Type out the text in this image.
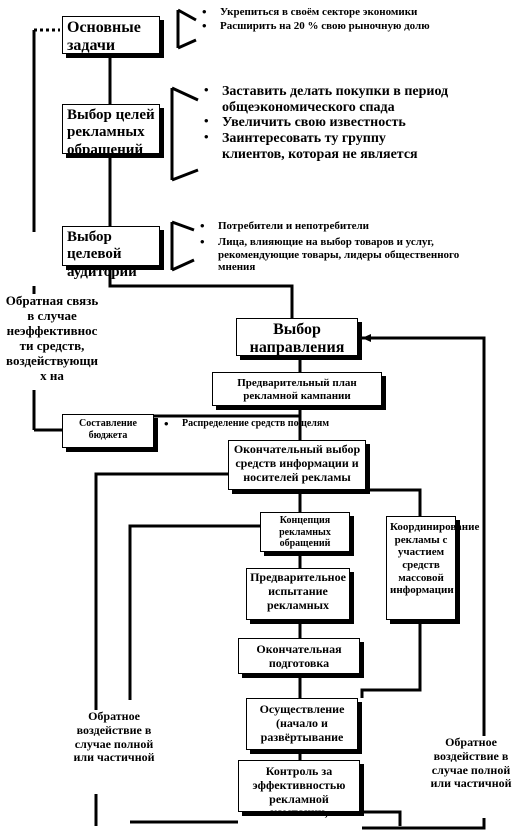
Основные задачи
Выбор целей рекламных обращений
Выбор целевой аудитории
Выбор направления
Предварительный план рекламной кампании
Составление бюджета
Окончательный выбор средств информации и носителей рекламы
Концепция рекламных обращений
Предварительное испытание рекламных
Окончательная подготовка
Осуществление (начало и развёртывание
Контроль за эффективностью рекламной кампании,
Координирование рекламы с участием средств массовой информации
• Укрепиться в своём секторе экономики
• Расширить на 20 % свою рыночную долю
• Заставить делать покупки в период общеэкономического спада
• Увеличить свою известность
• Заинтересовать ту группу клиентов, которая не является
• Потребители и непотребители
• Лица, влияющие на выбор товаров и услуг, рекомендующие товары, лидеры общественного мнения
• Распределение средств по целям
Обратная связь в случае неэффективнос ти средств, воздействующи х на
Обратное воздействие в случае полной или частичной
Обратное воздействие в случае полной или частичной
